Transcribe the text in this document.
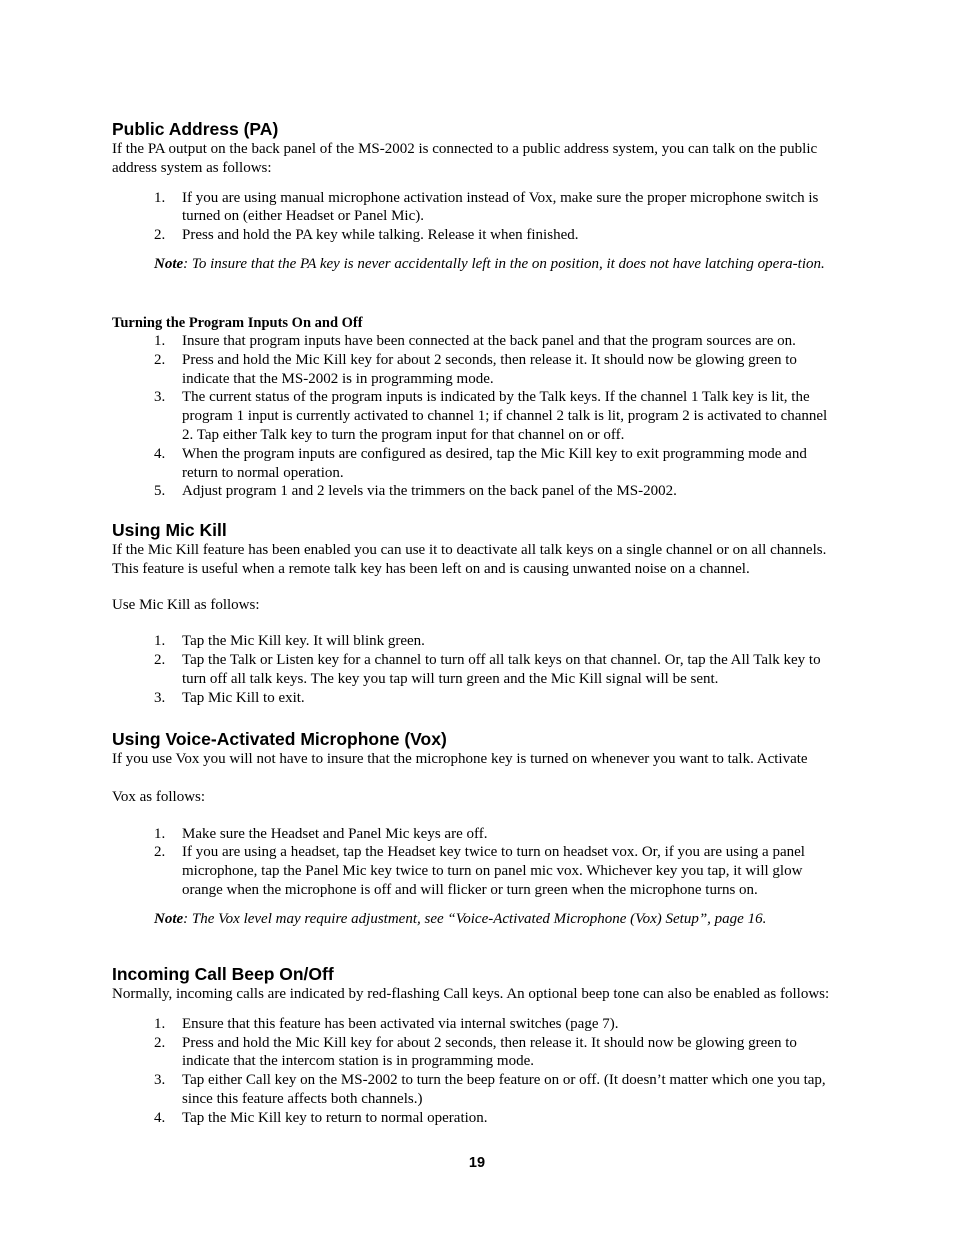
Public Address (PA)

If the PA output on the back panel of the MS-2002 is connected to a public address system, you can talk on the public address system as follows:

1. If you are using manual microphone activation instead of Vox, make sure the proper microphone switch is turned on (either Headset or Panel Mic).
2. Press and hold the PA key while talking. Release it when finished.
Note: To insure that the PA key is never accidentally left in the on position, it does not have latching opera-tion.
Turning the Program Inputs On and Off
1. Insure that program inputs have been connected at the back panel and that the program sources are on.
2. Press and hold the Mic Kill key for about 2 seconds, then release it. It should now be glowing green to indicate that the MS-2002 is in programming mode.
3. The current status of the program inputs is indicated by the Talk keys. If the channel 1 Talk key is lit, the program 1 input is currently activated to channel 1; if channel 2 talk is lit, program 2 is activated to channel 2. Tap either Talk key to turn the program input for that channel on or off.
4. When the program inputs are configured as desired, tap the Mic Kill key to exit programming mode and return to normal operation.
5. Adjust program 1 and 2 levels via the trimmers on the back panel of the MS-2002.
Using Mic Kill

If the Mic Kill feature has been enabled you can use it to deactivate all talk keys on a single channel or on all channels. This feature is useful when a remote talk key has been left on and is causing unwanted noise on a channel.

Use Mic Kill as follows:

1. Tap the Mic Kill key. It will blink green.
2. Tap the Talk or Listen key for a channel to turn off all talk keys on that channel. Or, tap the All Talk key to turn off all talk keys. The key you tap will turn green and the Mic Kill signal will be sent.
3. Tap Mic Kill to exit.
Using Voice-Activated Microphone (Vox)

If you use Vox you will not have to insure that the microphone key is turned on whenever you want to talk. Activate

Vox as follows:

1. Make sure the Headset and Panel Mic keys are off.
2. If you are using a headset, tap the Headset key twice to turn on headset vox. Or, if you are using a panel microphone, tap the Panel Mic key twice to turn on panel mic vox. Whichever key you tap, it will glow orange when the microphone is off and will flicker or turn green when the microphone turns on.
Note: The Vox level may require adjustment, see “Voice-Activated Microphone (Vox) Setup”, page 16.
Incoming Call Beep On/Off

Normally, incoming calls are indicated by red-flashing Call keys. An optional beep tone can also be enabled as follows:

1. Ensure that this feature has been activated via internal switches (page 7).
2. Press and hold the Mic Kill key for about 2 seconds, then release it. It should now be glowing green to indicate that the intercom station is in programming mode.
3. Tap either Call key on the MS-2002 to turn the beep feature on or off. (It doesn’t matter which one you tap, since this feature affects both channels.)
4. Tap the Mic Kill key to return to normal operation.
19
